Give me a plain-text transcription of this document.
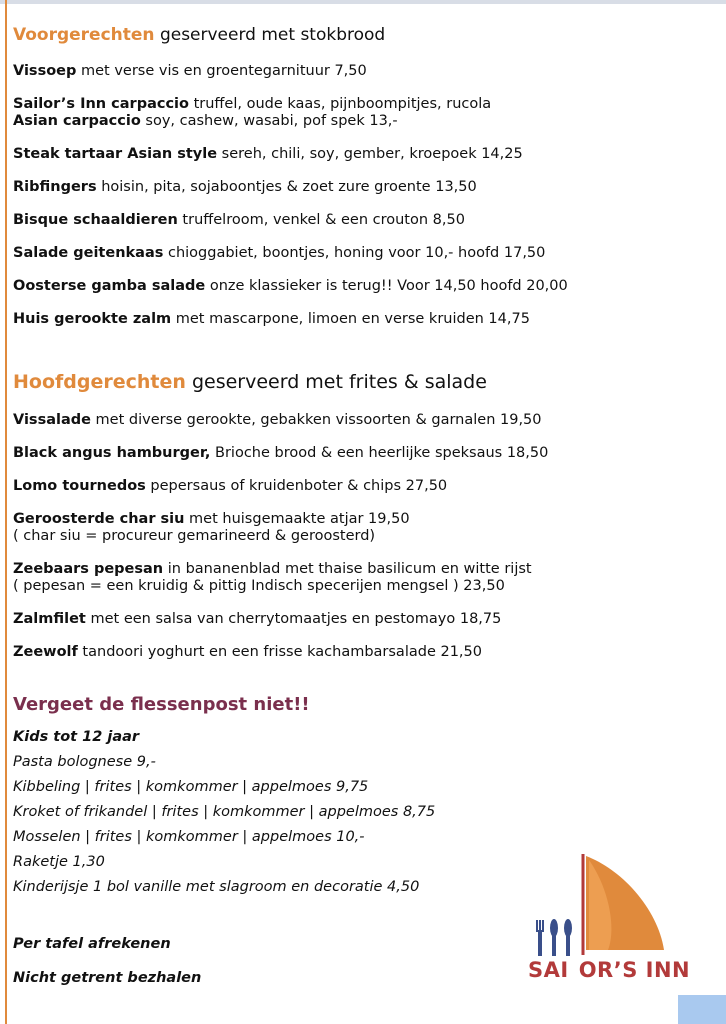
Voorgerechten geserveerd met stokbrood

Vissoep met verse vis en groentegarnituur 7,50

Sailor’s Inn carpaccio truffel, oude kaas, pijnboompitjes, rucola

Asian carpaccio soy, cashew, wasabi, pof spek 13,-

Steak tartaar Asian style sereh, chili, soy, gember, kroepoek 14,25

Ribfingers hoisin, pita, sojaboontjes & zoet zure groente 13,50

Bisque schaaldieren truffelroom, venkel & een crouton 8,50

Salade geitenkaas chioggabiet, boontjes, honing voor 10,- hoofd 17,50

Oosterse gamba salade onze klassieker is terug!! Voor 14,50 hoofd 20,00

Huis gerookte zalm met mascarpone, limoen en verse kruiden 14,75

Hoofdgerechten geserveerd met frites & salade

Vissalade met diverse gerookte, gebakken vissoorten & garnalen 19,50

Black angus hamburger, Brioche brood & een heerlijke speksaus 18,50

Lomo tournedos pepersaus of kruidenboter & chips 27,50

Geroosterde char siu met huisgemaakte atjar 19,50

( char siu = procureur gemarineerd & geroosterd)

Zeebaars pepesan in bananenblad met thaise basilicum en witte rijst

( pepesan = een kruidig & pittig Indisch specerijen mengsel ) 23,50

Zalmfilet met een salsa van cherrytomaatjes en pestomayo 18,75

Zeewolf tandoori yoghurt en een frisse kachambarsalade 21,50

Vergeet de flessenpost niet!!

Kids tot 12 jaar

Pasta bolognese 9,-

Kibbeling | frites | komkommer | appelmoes 9,75

Kroket of frikandel | frites | komkommer | appelmoes 8,75

Mosselen | frites | komkommer | appelmoes 10,-

Raketje 1,30

Kinderijsje 1 bol vanille met slagroom en decoratie 4,50

Per tafel afrekenen

Nicht getrent bezhalen	SAI OR’S INN
